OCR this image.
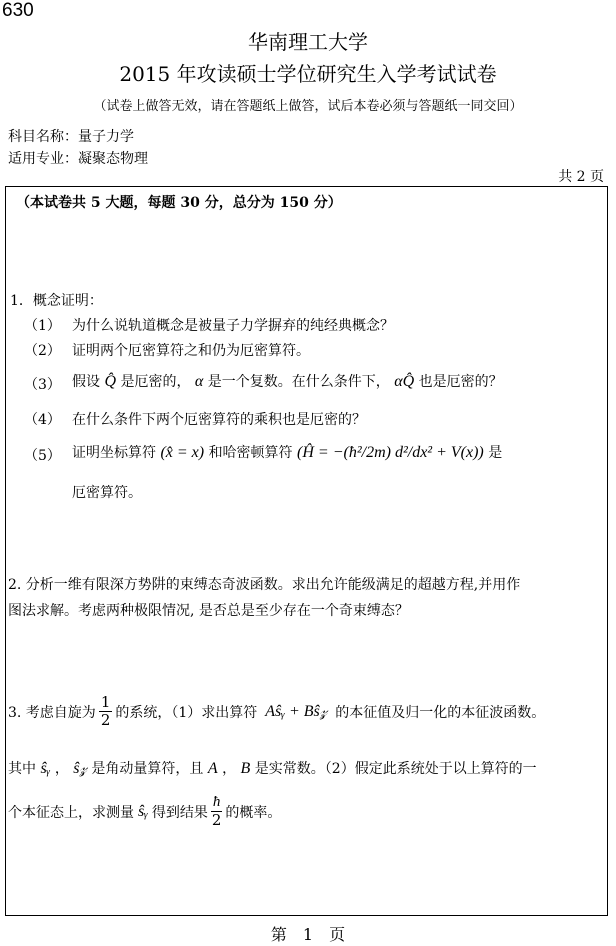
630
华南理工大学
2015 年攻读硕士学位研究生入学考试试卷
（试卷上做答无效，请在答题纸上做答，试后本卷必须与答题纸一同交回）
科目名称：量子力学
适用专业：凝聚态物理
共 2 页
（本试卷共 5 大题，每题 30 分，总分为 150 分）
1．概念证明：
（1） 为什么说轨道概念是被量子力学摒弃的纯经典概念？
（2） 证明两个厄密算符之和仍为厄密算符。
（3） 假设 Q̂ 是厄密的， α 是一个复数。在什么条件下， αQ̂ 也是厄密的？
（4） 在什么条件下两个厄密算符的乘积也是厄密的？
（5） 证明坐标算符 (x̂ = x) 和哈密顿算符 (Ĥ = −(ħ²/2m) d²/dx² + V(x)) 是
厄密算符。
2. 分析一维有限深方势阱的束缚态奇波函数。求出允许能级满足的超越方程,并用作
图法求解。考虑两种极限情况, 是否总是至少存在一个奇束缚态？
3. 考虑自旋为 $\frac{1}{2}$ 的系统，（1）求出算符 Aŝᵧ + Bŝ𝓏 的本征值及归一化的本征波函数。
其中 ŝᵧ ， ŝ𝓏 是角动量算符，且 A ， B 是实常数。（2）假定此系统处于以上算符的一
个本征态上，求测量 ŝᵧ 得到结果 $\frac{ħ}{2}$ 的概率。
第　1　页
